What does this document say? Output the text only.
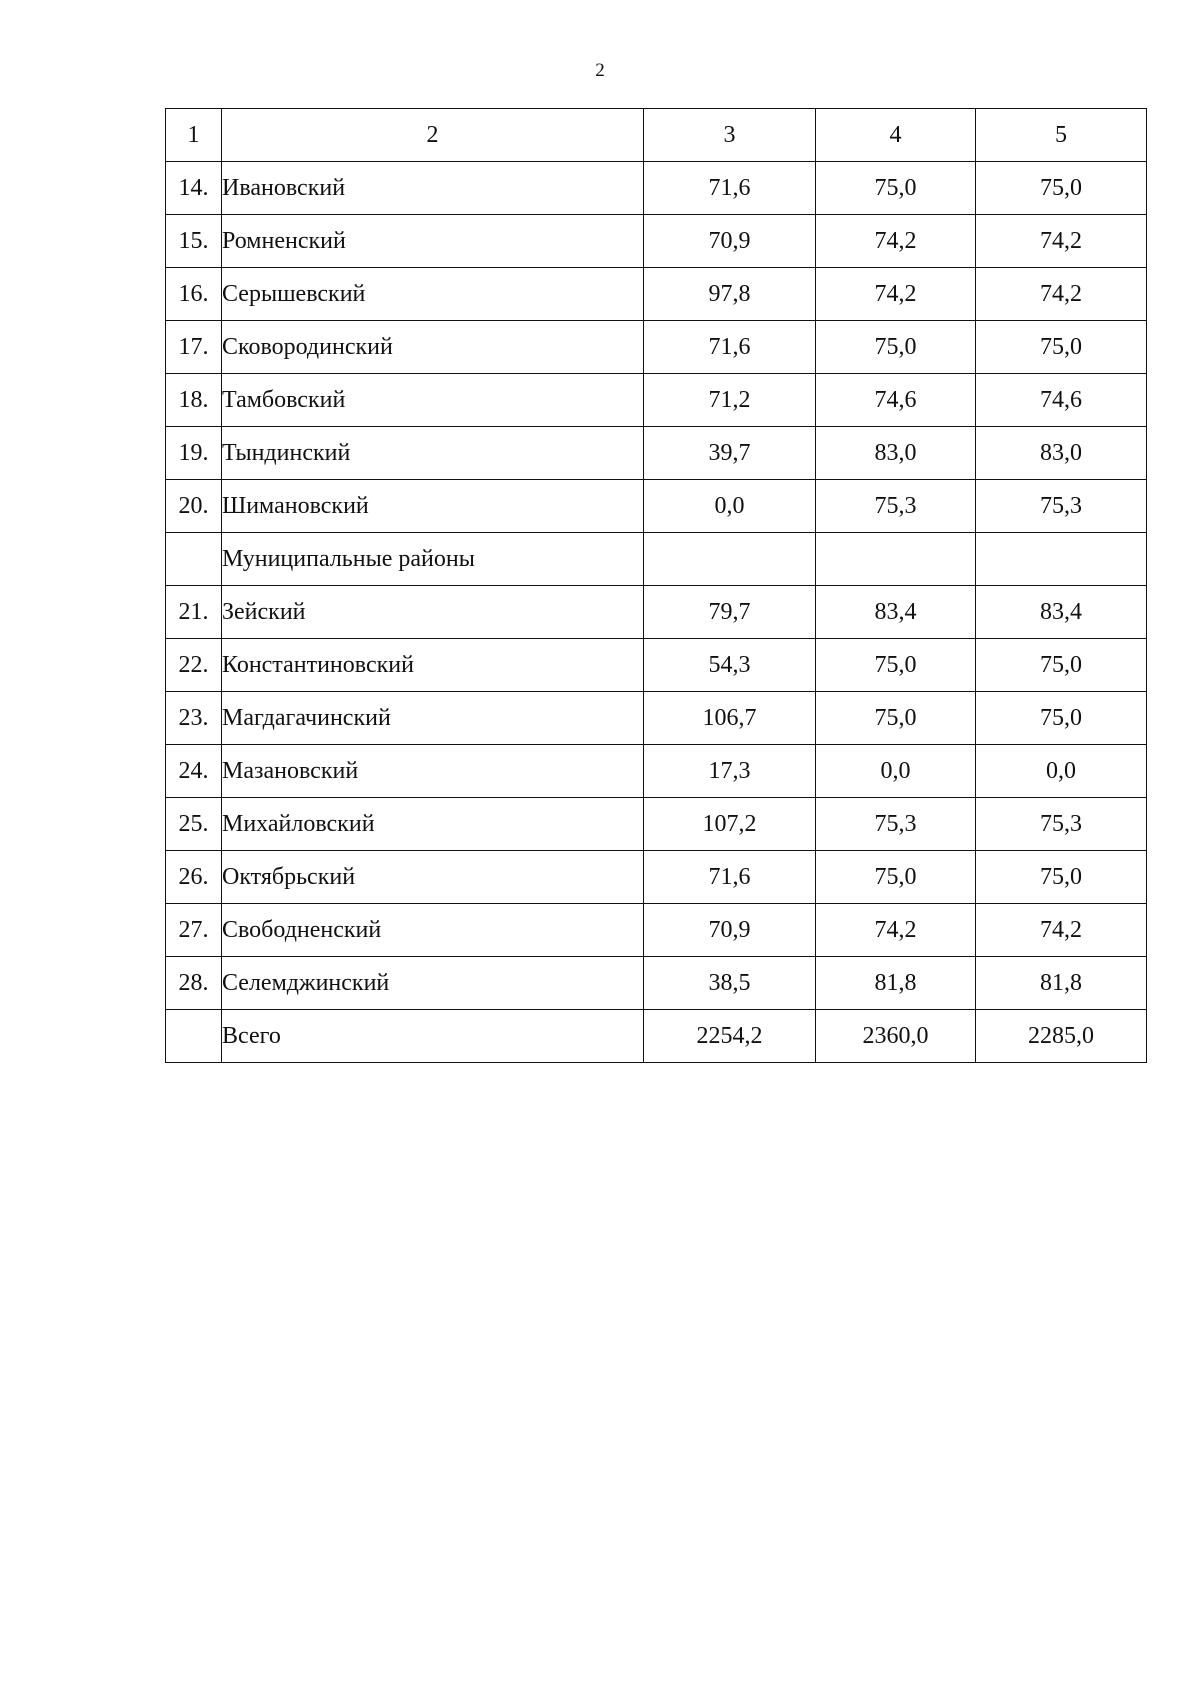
2
1	2	3	4	5
14.	Ивановский	71,6	75,0	75,0
15.	Ромненский	70,9	74,2	74,2
16.	Серышевский	97,8	74,2	74,2
17.	Сковородинский	71,6	75,0	75,0
18.	Тамбовский	71,2	74,6	74,6
19.	Тындинский	39,7	83,0	83,0
20.	Шимановский	0,0	75,3	75,3
	Муниципальные районы			
21.	Зейский	79,7	83,4	83,4
22.	Константиновский	54,3	75,0	75,0
23.	Магдагачинский	106,7	75,0	75,0
24.	Мазановский	17,3	0,0	0,0
25.	Михайловский	107,2	75,3	75,3
26.	Октябрьский	71,6	75,0	75,0
27.	Свободненский	70,9	74,2	74,2
28.	Селемджинский	38,5	81,8	81,8
	Всего	2254,2	2360,0	2285,0
